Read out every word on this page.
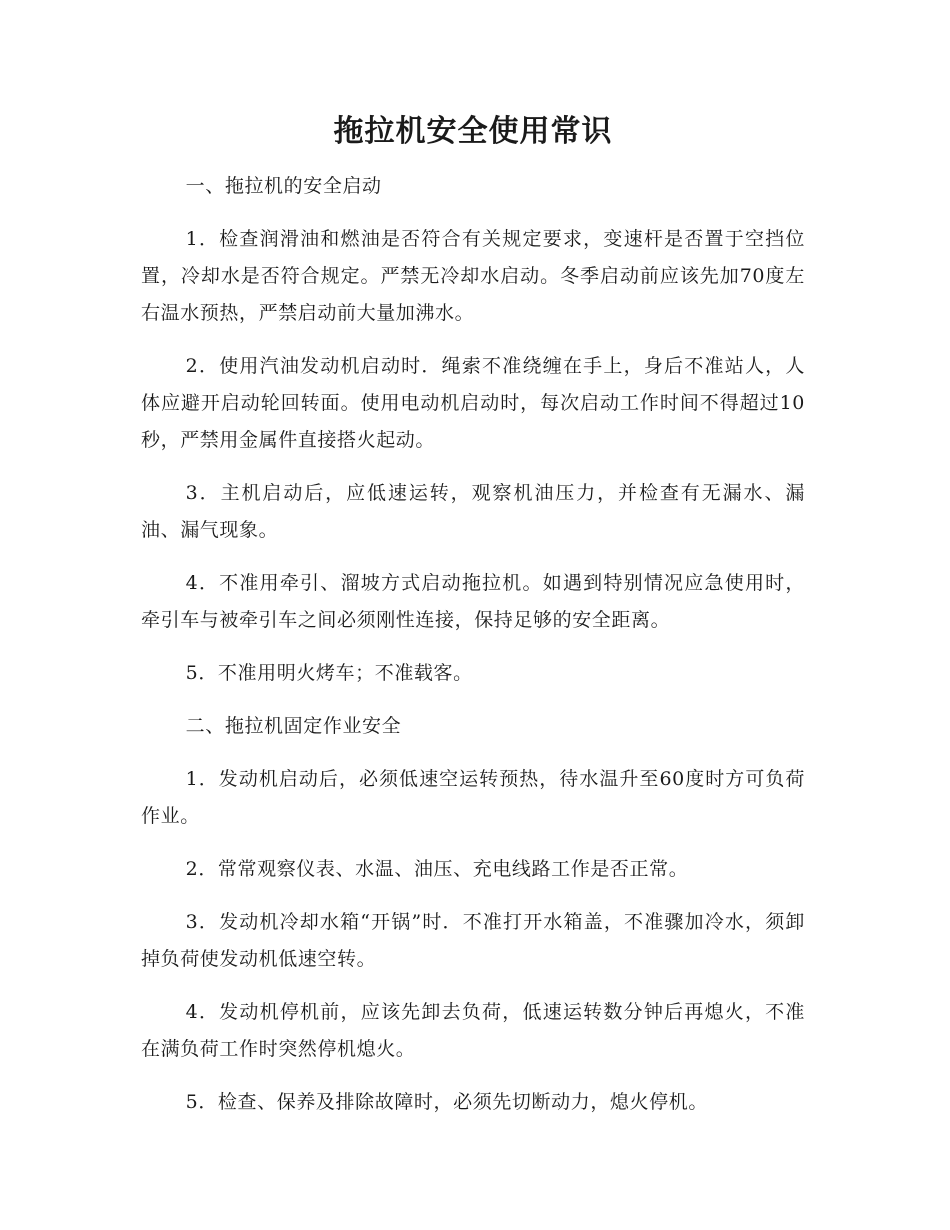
拖拉机安全使用常识

一、拖拉机的安全启动

1．检查润滑油和燃油是否符合有关规定要求，变速杆是否置于空挡位置，冷却水是否符合规定。严禁无冷却水启动。冬季启动前应该先加70度左右温水预热，严禁启动前大量加沸水。

2．使用汽油发动机启动时．绳索不准绕缠在手上，身后不准站人，人体应避开启动轮回转面。使用电动机启动时，每次启动工作时间不得超过10秒，严禁用金属件直接搭火起动。

3．主机启动后，应低速运转，观察机油压力，并检查有无漏水、漏油、漏气现象。

4．不准用牵引、溜坡方式启动拖拉机。如遇到特别情况应急使用时，牵引车与被牵引车之间必须刚性连接，保持足够的安全距离。

5．不准用明火烤车；不准载客。

二、拖拉机固定作业安全

1．发动机启动后，必须低速空运转预热，待水温升至60度时方可负荷作业。

2．常常观察仪表、水温、油压、充电线路工作是否正常。

3．发动机冷却水箱“开锅”时．不准打开水箱盖，不准骤加冷水，须卸掉负荷使发动机低速空转。

4．发动机停机前，应该先卸去负荷，低速运转数分钟后再熄火，不准在满负荷工作时突然停机熄火。

5．检查、保养及排除故障时，必须先切断动力，熄火停机。
